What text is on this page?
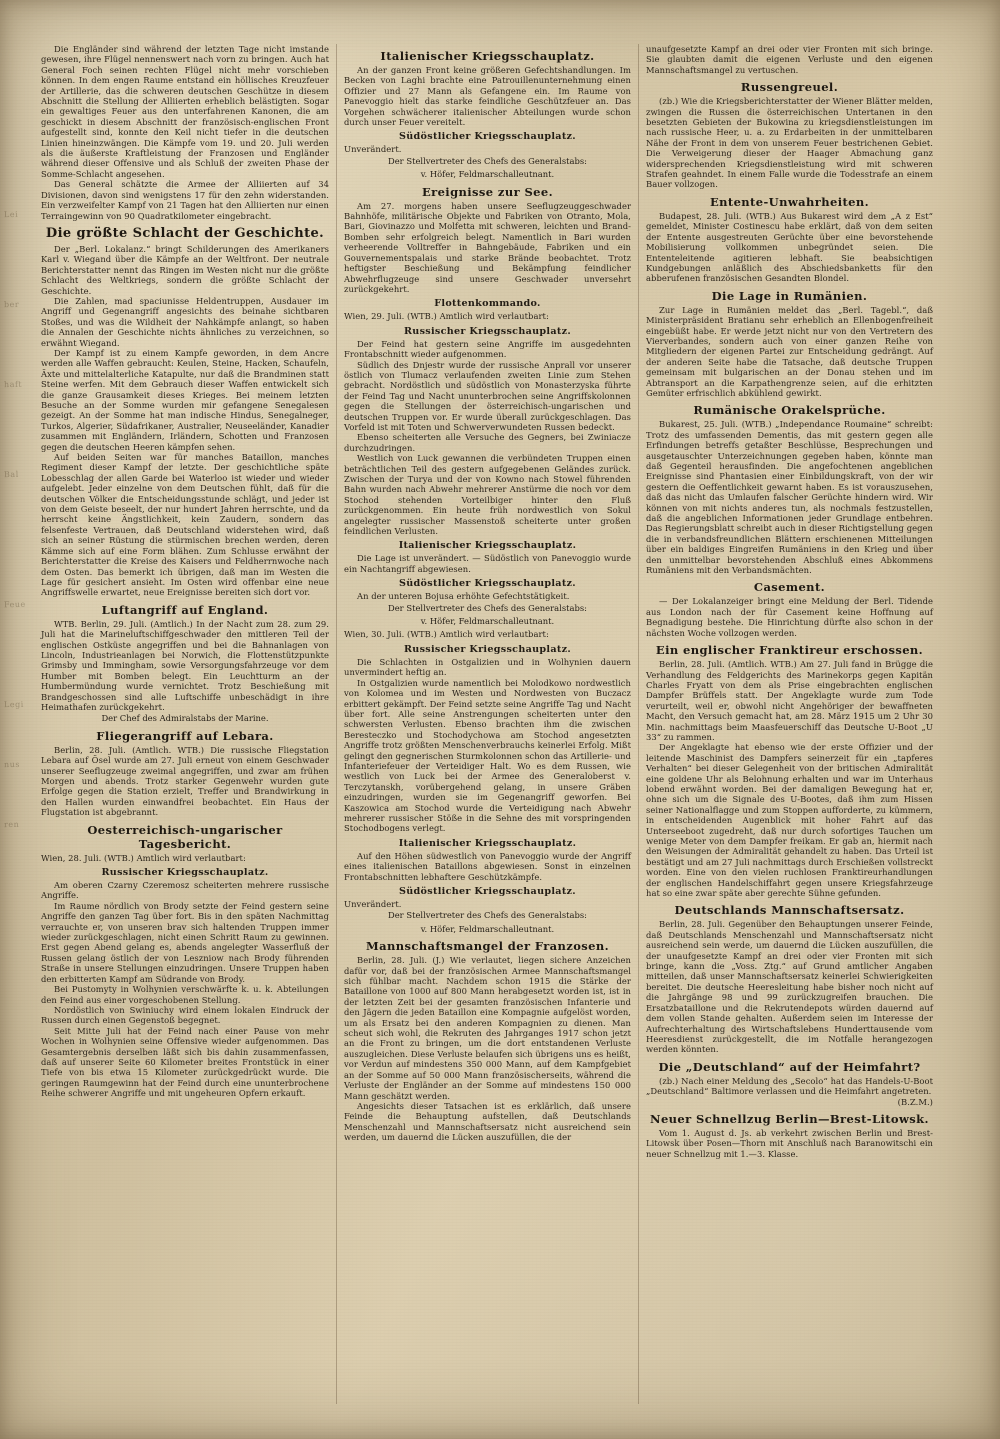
Lei
ber
haft
Bal
Feue
Legi
nus
ren

Die Engländer sind während der letzten Tage nicht imstande gewesen, ihre Flügel nennenswert nach vorn zu bringen. Auch hat General Foch seinen rechten Flügel nicht mehr vorschieben können. In dem engen Raume entstand ein höllisches Kreuzfeuer der Artillerie, das die schweren deutschen Geschütze in diesem Abschnitt die Stellung der Alliierten erheblich belästigten. Sogar ein gewaltiges Feuer aus den unterfahrenen Kanonen, die am geschickt in diesem Abschnitt der französisch-englischen Front aufgestellt sind, konnte den Keil nicht tiefer in die deutschen Linien hineinzwängen. Die Kämpfe vom 19. und 20. Juli werden als die äußerste Kraftleistung der Franzosen und Engländer während dieser Offensive und als Schluß der zweiten Phase der Somme-Schlacht angesehen.

Das General schätzte die Armee der Alliierten auf 34 Divisionen, davon sind wenigstens 17 für den zehn widerstanden. Ein verzweifelter Kampf von 21 Tagen hat den Alliierten nur einen Terraingewinn von 90 Quadratkilometer eingebracht.

Die größte Schlacht der Geschichte.

Der „Berl. Lokalanz.“ bringt Schilderungen des Amerikaners Karl v. Wiegand über die Kämpfe an der Weltfront. Der neutrale Berichterstatter nennt das Ringen im Westen nicht nur die größte Schlacht des Weltkriegs, sondern die größte Schlacht der Geschichte.

Die Zahlen, mad spaciunisse Heldentruppen, Ausdauer im Angriff und Gegenangriff angesichts des beinahe sichtbaren Stoßes, und was die Wildheit der Nahkämpfe anlangt, so haben die Annalen der Geschichte nichts ähnliches zu verzeichnen, so erwähnt Wiegand.

Der Kampf ist zu einem Kampfe geworden, in dem Ancre werden alle Waffen gebraucht: Keulen, Steine, Hacken, Schaufeln, Äxte und mittelalterliche Katapulte, nur daß die Brandminen statt Steine werfen. Mit dem Gebrauch dieser Waffen entwickelt sich die ganze Grausamkeit dieses Krieges. Bei meinem letzten Besuche an der Somme wurden mir gefangene Senegalesen gezeigt. An der Somme hat man indische Hindus, Senegalneger, Turkos, Algerier, Südafrikaner, Australier, Neuseeländer, Kanadier zusammen mit Engländern, Irländern, Schotten und Franzosen gegen die deutschen Heeren kämpfen sehen.

Auf beiden Seiten war für manches Bataillon, manches Regiment dieser Kampf der letzte. Der geschichtliche späte Lobesschlag der allen Garde bei Waterloo ist wieder und wieder aufgelebt. Jeder einzelne von dem Deutschen fühlt, daß für die deutschen Völker die Entscheidungsstunde schlägt, und jeder ist von dem Geiste beseelt, der nur hundert Jahren herrschte, und da herrscht keine Ängstlichkeit, kein Zaudern, sondern das felsenfeste Vertrauen, daß Deutschland widerstehen wird, daß sich an seiner Rüstung die stürmischen brechen werden, deren Kämme sich auf eine Form blähen. Zum Schlusse erwähnt der Berichterstatter die Kreise des Kaisers und Feldherrnwoche nach dem Osten. Das bemerkt ich übrigen, daß man im Westen die Lage für gesichert ansieht. Im Osten wird offenbar eine neue Angriffswelle erwartet, neue Ereignisse bereiten sich dort vor.

Luftangriff auf England.

WTB. Berlin, 29. Juli. (Amtlich.) In der Nacht zum 28. zum 29. Juli hat die Marineluftschiffgeschwader den mittleren Teil der englischen Ostküste angegriffen und bei die Bahnanlagen von Lincoln, Industrieanlagen bei Norwich, die Flottenstützpunkte Grimsby und Immingham, sowie Versorgungsfahrzeuge vor dem Humber mit Bomben belegt. Ein Leuchtturm an der Humbermündung wurde vernichtet. Trotz Beschießung mit Brandgeschossen sind alle Luftschiffe unbeschädigt in ihre Heimathafen zurückgekehrt.

Der Chef des Admiralstabs der Marine.
Fliegerangriff auf Lebara.

Berlin, 28. Juli. (Amtlich. WTB.) Die russische Fliegstation Lebara auf Ösel wurde am 27. Juli erneut von einem Geschwader unserer Seeflugzeuge zweimal angegriffen, und zwar am frühen Morgen und abends. Trotz starker Gegenwehr wurden gute Erfolge gegen die Station erzielt, Treffer und Brandwirkung in den Hallen wurden einwandfrei beobachtet. Ein Haus der Flugstation ist abgebrannt.

Oesterreichisch-ungarischer Tagesbericht.

Wien, 28. Juli. (WTB.) Amtlich wird verlautbart:

Russischer Kriegsschauplatz.

Am oberen Czarny Czeremosz scheiterten mehrere russische Angriffe.

Im Raume nördlich von Brody setzte der Feind gestern seine Angriffe den ganzen Tag über fort. Bis in den späten Nachmittag verrauchte er, von unseren brav sich haltenden Truppen immer wieder zurückgeschlagen, nicht einen Schritt Raum zu gewinnen. Erst gegen Abend gelang es, abends angelegter Wasserfluß der Russen gelang östlich der von Leszniow nach Brody führenden Straße in unsere Stellungen einzudringen. Unsere Truppen haben den erbitterten Kampf am Südrande von Brody.

Bei Pustomyty in Wolhynien verschwärfte k. u. k. Abteilungen den Feind aus einer vorgeschobenen Stellung.

Nordöstlich von Swiniuchy wird einem lokalen Eindruck der Russen durch einen Gegenstoß begegnet.

Seit Mitte Juli hat der Feind nach einer Pause von mehr Wochen in Wolhynien seine Offensive wieder aufgenommen. Das Gesamtergebnis derselben läßt sich bis dahin zusammenfassen, daß auf unserer Seite 60 Kilometer breites Frontstück in einer Tiefe von bis etwa 15 Kilometer zurückgedrückt wurde. Die geringen Raumgewinn hat der Feind durch eine ununterbrochene Reihe schwerer Angriffe und mit ungeheuren Opfern erkauft.

Italienischer Kriegsschauplatz.

An der ganzen Front keine größeren Gefechtshandlungen. Im Becken von Laghi brachte eine Patrouillenunternehmung einen Offizier und 27 Mann als Gefangene ein. Im Raume von Panevoggio hielt das starke feindliche Geschützfeuer an. Das Vorgehen schwächerer italienischer Abteilungen wurde schon durch unser Feuer vereitelt.

Südöstlicher Kriegsschauplatz.

Unverändert.

Der Stellvertreter des Chefs des Generalstabs:
v. Höfer, Feldmarschalleutnant.
Ereignisse zur See.

Am 27. morgens haben unsere Seeflugzeuggeschwader Bahnhöfe, militärische Objekte und Fabriken von Otranto, Mola, Bari, Giovinazzo und Molfetta mit schweren, leichten und Brand-Bomben sehr erfolgreich belegt. Namentlich in Bari wurden verheerende Volltreffer in Bahngebäude, Fabriken und ein Gouvernementspalais und starke Brände beobachtet. Trotz heftigster Beschießung und Bekämpfung feindlicher Abwehrflugzeuge sind unsere Geschwader unversehrt zurückgekehrt.

Flottenkommando.

Wien, 29. Juli. (WTB.) Amtlich wird verlautbart:

Russischer Kriegsschauplatz.

Der Feind hat gestern seine Angriffe im ausgedehnten Frontabschnitt wieder aufgenommen.

Südlich des Dnjestr wurde der russische Anprall vor unserer östlich von Tlumacz verlaufenden zweiten Linie zum Stehen gebracht. Nordöstlich und südöstlich von Monasterzyska führte der Feind Tag und Nacht ununterbrochen seine Angriffskolonnen gegen die Stellungen der österreichisch-ungarischen und deutschen Truppen vor. Er wurde überall zurückgeschlagen. Das Vorfeld ist mit Toten und Schwerverwundeten Russen bedeckt.

Ebenso scheiterten alle Versuche des Gegners, bei Zwiniacze durchzudringen.

Westlich von Luck gewannen die verbündeten Truppen einen beträchtlichen Teil des gestern aufgegebenen Geländes zurück. Zwischen der Turya und der von Kowno nach Stowel führenden Bahn wurden nach Abwehr mehrerer Anstürme die noch vor dem Stochod stehenden Vorteilbiger hinter den Fluß zurückgenommen. Ein heute früh nordwestlich von Sokul angelegter russischer Massenstoß scheiterte unter großen feindlichen Verlusten.

Italienischer Kriegsschauplatz.

Die Lage ist unverändert. — Südöstlich von Panevoggio wurde ein Nachtangriff abgewiesen.

Südöstlicher Kriegsschauplatz.

An der unteren Bojusa erhöhte Gefechtstätigkeit.

Der Stellvertreter des Chefs des Generalstabs:
v. Höfer, Feldmarschalleutnant.

Wien, 30. Juli. (WTB.) Amtlich wird verlautbart:

Russischer Kriegsschauplatz.

Die Schlachten in Ostgalizien und in Wolhynien dauern unvermindert heftig an.

In Ostgalizien wurde namentlich bei Molodkowo nordwestlich von Kolomea und im Westen und Nordwesten von Buczacz erbittert gekämpft. Der Feind setzte seine Angriffe Tag und Nacht über fort. Alle seine Anstrengungen scheiterten unter den schwersten Verlusten. Ebenso brachten ihm die zwischen Beresteczko und Stochodychowa am Stochod angesetzten Angriffe trotz größten Menschenverbrauchs keinerlei Erfolg. Mißt gelingt den gegnerischen Sturmkolonnen schon das Artillerie- und Infanteriefeuer der Verteidiger Halt. Wo es dem Russen, wie westlich von Luck bei der Armee des Generaloberst v. Terczytanskh, vorübergehend gelang, in unsere Gräben einzudringen, wurden sie im Gegenangriff geworfen. Bei Kaszowica am Stochod wurde die Verteidigung nach Abwehr mehrerer russischer Stöße in die Sehne des mit vorspringenden Stochodbogens verlegt.

Italienischer Kriegsschauplatz.

Auf den Höhen südwestlich von Panevoggio wurde der Angriff eines italienischen Bataillons abgewiesen. Sonst in einzelnen Frontabschnitten lebhaftere Geschützkämpfe.

Südöstlicher Kriegsschauplatz.

Unverändert.

Der Stellvertreter des Chefs des Generalstabs:
v. Höfer, Feldmarschalleutnant.
Mannschaftsmangel der Franzosen.

Berlin, 28. Juli. (J.) Wie verlautet, liegen sichere Anzeichen dafür vor, daß bei der französischen Armee Mannschaftsmangel sich fühlbar macht. Nachdem schon 1915 die Stärke der Bataillone von 1000 auf 800 Mann herabgesetzt worden ist, ist in der letzten Zeit bei der gesamten französischen Infanterie und den Jägern die jeden Bataillon eine Kompagnie aufgelöst worden, um als Ersatz bei den anderen Kompagnien zu dienen. Man scheut sich wohl, die Rekruten des Jahrganges 1917 schon jetzt an die Front zu bringen, um die dort entstandenen Verluste auszugleichen. Diese Verluste belaufen sich übrigens uns es heißt, vor Verdun auf mindestens 350 000 Mann, auf dem Kampfgebiet an der Somme auf 50 000 Mann französischerseits, während die Verluste der Engländer an der Somme auf mindestens 150 000 Mann geschätzt werden.

Angesichts dieser Tatsachen ist es erklärlich, daß unsere Feinde die Behauptung aufstellen, daß Deutschlands Menschenzahl und Mannschaftsersatz nicht ausreichend sein werden, um dauernd die Lücken auszufüllen, die der

unaufgesetzte Kampf an drei oder vier Fronten mit sich bringe. Sie glaubten damit die eigenen Verluste und den eigenen Mannschaftsmangel zu vertuschen.

Russengreuel.

(zb.) Wie die Kriegsberichterstatter der Wiener Blätter melden, zwingen die Russen die österreichischen Untertanen in den besetzten Gebieten der Bukowina zu kriegsdienstleistungen im nach russische Heer, u. a. zu Erdarbeiten in der unmittelbaren Nähe der Front in dem von unserem Feuer bestrichenen Gebiet. Die Verweigerung dieser der Haager Abmachung ganz widersprechenden Kriegsdienstleistung wird mit schweren Strafen geahndet. In einem Falle wurde die Todesstrafe an einem Bauer vollzogen.

Entente-Unwahrheiten.

Budapest, 28. Juli. (WTB.) Aus Bukarest wird dem „A z Est“ gemeldet, Minister Costinescu habe erklärt, daß von dem seiten der Entente ausgestreuten Gerüchte über eine bevorstehende Mobilisierung vollkommen unbegründet seien. Die Ententeleitende agitieren lebhaft. Sie beabsichtigen Kundgebungen anläßlich des Abschiedsbanketts für den abberufenen französischen Gesandten Blondel.

Die Lage in Rumänien.

Zur Lage in Rumänien meldet das „Berl. Tagebl.“, daß Ministerpräsident Bratianu sehr erheblich an Ellenbogenfreiheit eingebüßt habe. Er werde jetzt nicht nur von den Vertretern des Vierverbandes, sondern auch von einer ganzen Reihe von Mitgliedern der eigenen Partei zur Entscheidung gedrängt. Auf der anderen Seite habe die Tatsache, daß deutsche Truppen gemeinsam mit bulgarischen an der Donau stehen und im Abtransport an die Karpathengrenze seien, auf die erhitzten Gemüter erfrischlich abkühlend gewirkt.

Rumänische Orakelsprüche.

Bukarest, 25. Juli. (WTB.) „Independance Roumaine“ schreibt: Trotz des umfassenden Dementis, das mit gestern gegen alle Erfindungen betreffs getaßter Beschlüsse, Besprechungen und ausgetauschter Unterzeichnungen gegeben haben, könnte man daß Gegenteil herausfinden. Die angefochtenen angeblichen Ereignisse sind Phantasien einer Einbildungskraft, von der wir gestern die Oeffentlichkeit gewarnt haben. Es ist vorauszusehen, daß das nicht das Umlaufen falscher Gerüchte hindern wird. Wir können von mit nichts anderes tun, als nochmals festzustellen, daß die angeblichen Informationen jeder Grundlage entbehren. Das Regierungsblatt schreibt auch in dieser Richtigstellung gegen die in verbandsfreundlichen Blättern erschienenen Mitteilungen über ein baldiges Eingreifen Rumäniens in den Krieg und über den unmittelbar bevorstehenden Abschluß eines Abkommens Rumäniens mit den Verbandsmächten.

Casement.

— Der Lokalanzeiger bringt eine Meldung der Berl. Tidende aus London nach der für Casement keine Hoffnung auf Begnadigung bestehe. Die Hinrichtung dürfte also schon in der nächsten Woche vollzogen werden.

Ein englischer Franktireur erschossen.

Berlin, 28. Juli. (Amtlich. WTB.) Am 27. Juli fand in Brügge die Verhandlung des Feldgerichts des Marinekorps gegen Kapitän Charles Fryatt von dem als Prise eingebrachten englischen Dampfer Brüffels statt. Der Angeklagte wurde zum Tode verurteilt, weil er, obwohl nicht Angehöriger der bewaffneten Macht, den Versuch gemacht hat, am 28. März 1915 um 2 Uhr 30 Min. nachmittags beim Maasfeuerschiff das Deutsche U-Boot „U 33“ zu rammen.

Der Angeklagte hat ebenso wie der erste Offizier und der leitende Maschinist des Dampfers seinerzeit für ein „tapferes Verhalten“ bei dieser Gelegenheit von der britischen Admiralität eine goldene Uhr als Belohnung erhalten und war im Unterhaus lobend erwähnt worden. Bei der damaligen Bewegung hat er, ohne sich um die Signale des U-Bootes, daß ihm zum Hissen seiner Nationalflagge und zum Stoppen aufforderte, zu kümmern, in entscheidenden Augenblick mit hoher Fahrt auf das Unterseeboot zugedreht, daß nur durch sofortiges Tauchen um wenige Meter von dem Dampfer freikam. Er gab an, hiermit nach den Weisungen der Admiralität gehandelt zu haben. Das Urteil ist bestätigt und am 27 Juli nachmittags durch Erschießen vollstreckt worden. Eine von den vielen ruchlosen Franktireurhandlungen der englischen Handelschiffahrt gegen unsere Kriegsfahrzeuge hat so eine zwar späte aber gerechte Sühne gefunden.

Deutschlands Mannschaftsersatz.

Berlin, 28. Juli. Gegenüber den Behauptungen unserer Feinde, daß Deutschlands Menschenzahl und Mannschaftsersatz nicht ausreichend sein werde, um dauernd die Lücken auszufüllen, die der unaufgesetzte Kampf an drei oder vier Fronten mit sich bringe, kann die „Voss. Ztg.“ auf Grund amtlicher Angaben mitteilen, daß unser Mannschaftsersatz keinerlei Schwierigkeiten bereitet. Die deutsche Heeresleitung habe bisher noch nicht auf die Jahrgänge 98 und 99 zurückzugreifen brauchen. Die Ersatzbataillone und die Rekrutendepots würden dauernd auf dem vollen Stande gehalten. Außerdem seien im Interesse der Aufrechterhaltung des Wirtschaftslebens Hunderttausende vom Heeresdienst zurückgestellt, die im Notfalle herangezogen werden könnten.

Die „Deutschland“ auf der Heimfahrt?

(zb.) Nach einer Meldung des „Secolo“ hat das Handels-U-Boot „Deutschland“ Baltimore verlassen und die Heimfahrt angetreten.

(B.Z.M.)

Neuer Schnellzug Berlin—Brest-Litowsk.

Vom 1. August d. Js. ab verkehrt zwischen Berlin und Brest-Litowsk über Posen—Thorn mit Anschluß nach Baranowitschi ein neuer Schnellzug mit 1.—3. Klasse.
